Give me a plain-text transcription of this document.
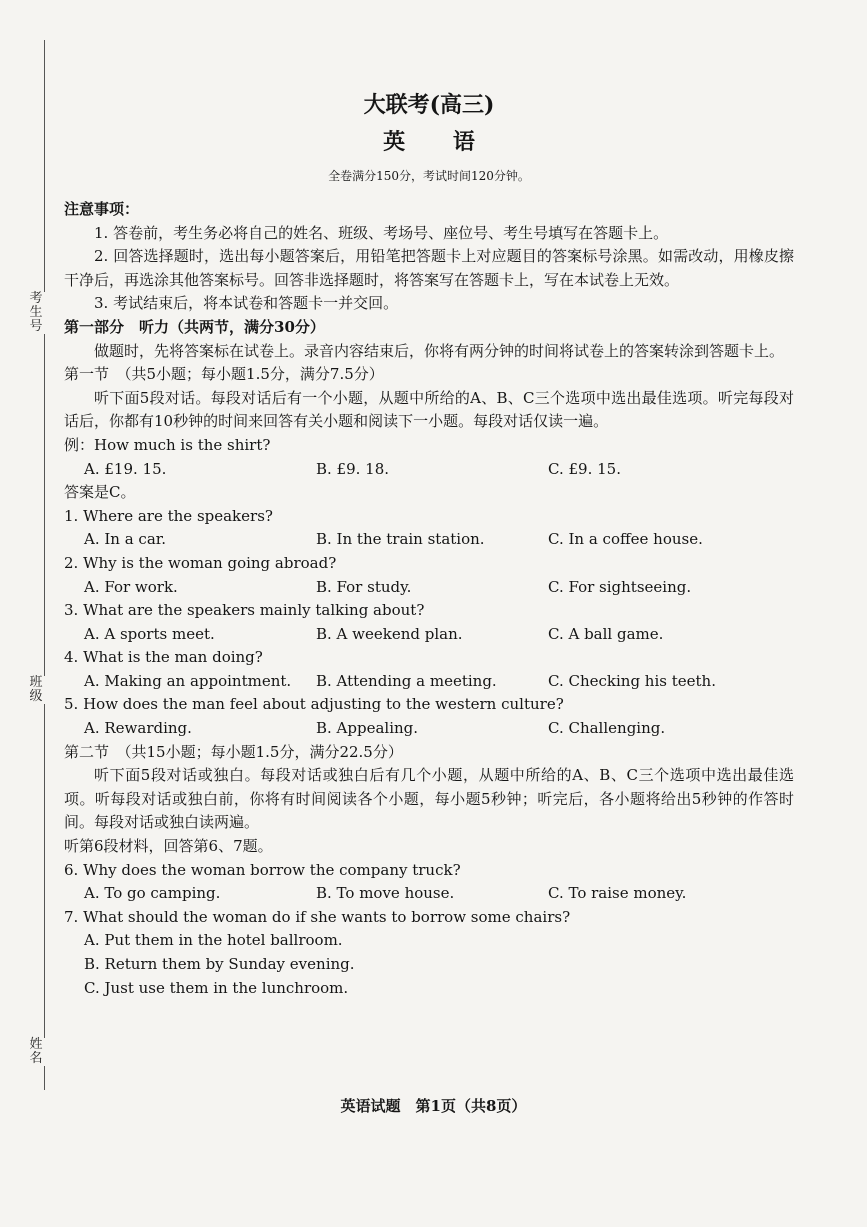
考生号
班级
姓名
大联考(高三)
英 语
全卷满分150分，考试时间120分钟。

注意事项：

1. 答卷前，考生务必将自己的姓名、班级、考场号、座位号、考生号填写在答题卡上。

2. 回答选择题时，选出每小题答案后，用铅笔把答题卡上对应题目的答案标号涂黑。如需改动，用橡皮擦干净后，再选涂其他答案标号。回答非选择题时，将答案写在答题卡上，写在本试卷上无效。

3. 考试结束后，将本试卷和答题卡一并交回。

第一部分　听力（共两节，满分30分）

做题时，先将答案标在试卷上。录音内容结束后，你将有两分钟的时间将试卷上的答案转涂到答题卡上。

第一节　（共5小题；每小题1.5分，满分7.5分）

听下面5段对话。每段对话后有一个小题，从题中所给的A、B、C三个选项中选出最佳选项。听完每段对话后，你都有10秒钟的时间来回答有关小题和阅读下一小题。每段对话仅读一遍。

例：How much is the shirt?

A. £19. 15.	B. £9. 18.	C. £9. 15.

答案是C。

1. Where are the speakers?

A. In a car.	B. In the train station.	C. In a coffee house.

2. Why is the woman going abroad?

A. For work.	B. For study.	C. For sightseeing.

3. What are the speakers mainly talking about?

A. A sports meet.	B. A weekend plan.	C. A ball game.

4. What is the man doing?

A. Making an appointment.	B. Attending a meeting.	C. Checking his teeth.

5. How does the man feel about adjusting to the western culture?

A. Rewarding.	B. Appealing.	C. Challenging.

第二节　（共15小题；每小题1.5分，满分22.5分）

听下面5段对话或独白。每段对话或独白后有几个小题，从题中所给的A、B、C三个选项中选出最佳选项。听每段对话或独白前，你将有时间阅读各个小题，每小题5秒钟；听完后，各小题将给出5秒钟的作答时间。每段对话或独白读两遍。

听第6段材料，回答第6、7题。

6. Why does the woman borrow the company truck?

A. To go camping.	B. To move house.	C. To raise money.

7. What should the woman do if she wants to borrow some chairs?

A. Put them in the hotel ballroom.

B. Return them by Sunday evening.

C. Just use them in the lunchroom.

英语试题　第1页（共8页）
